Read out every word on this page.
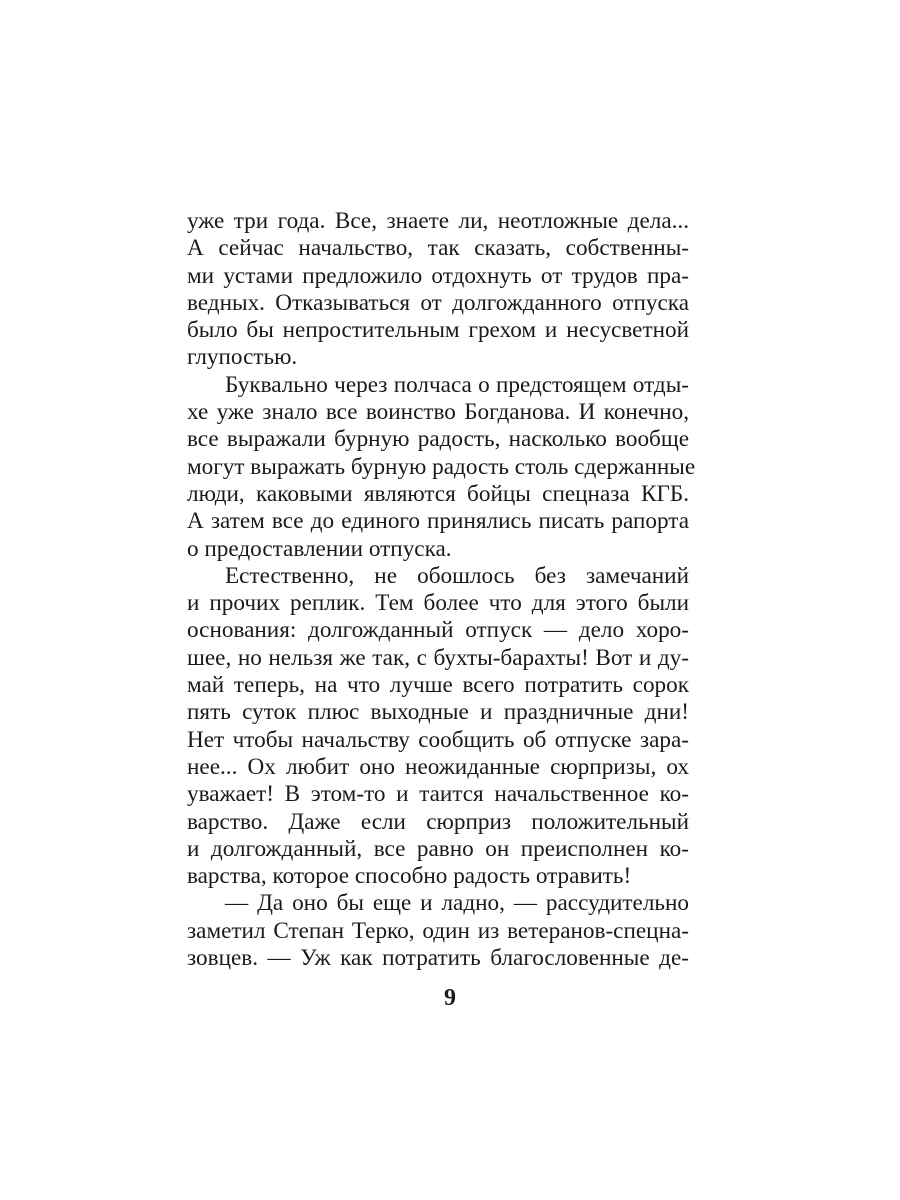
уже три года. Все, знаете ли, неотложные дела...
А сейчас начальство, так сказать, собственны-
ми устами предложило отдохнуть от трудов пра-
ведных. Отказываться от долгожданного отпуска
было бы непростительным грехом и несусветной
глупостью.
Буквально через полчаса о предстоящем отды-
хе уже знало все воинство Богданова. И конечно,
все выражали бурную радость, насколько вообще
могут выражать бурную радость столь сдержанные
люди, каковыми являются бойцы спецназа КГБ.
А затем все до единого принялись писать рапорта
о предоставлении отпуска.
Естественно, не обошлось без замечаний
и прочих реплик. Тем более что для этого были
основания: долгожданный отпуск — дело хоро-
шее, но нельзя же так, с бухты-барахты! Вот и ду-
май теперь, на что лучше всего потратить сорок
пять суток плюс выходные и праздничные дни!
Нет чтобы начальству сообщить об отпуске зара-
нее... Ох любит оно неожиданные сюрпризы, ох
уважает! В этом-то и таится начальственное ко-
варство. Даже если сюрприз положительный
и долгожданный, все равно он преисполнен ко-
варства, которое способно радость отравить!
— Да оно бы еще и ладно, — рассудительно
заметил Степан Терко, один из ветеранов-спецна-
зовцев. — Уж как потратить благословенные де-
9
